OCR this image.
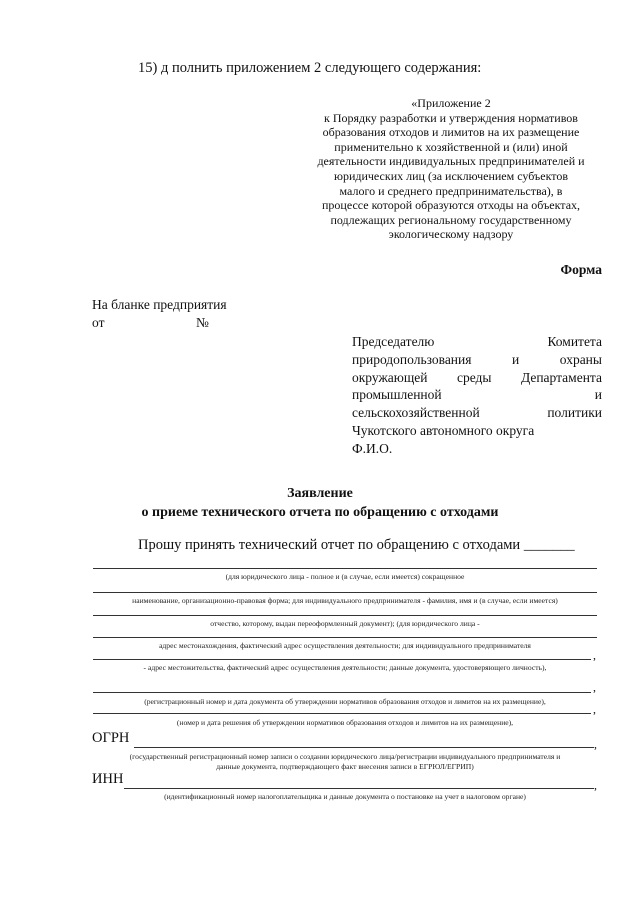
15) д полнить приложением 2 следующего содержания:
«Приложение 2
к Порядку разработки и утверждения нормативов
образования отходов и лимитов на их размещение
применительно к хозяйственной и (или) иной
деятельности индивидуальных предпринимателей и
юридических лиц (за исключением субъектов
малого и среднего предпринимательства), в
процессе которой образуются отходы на объектах,
подлежащих региональному государственному
экологическому надзору
Форма
На бланке предприятия
от	№
Председателю	Комитета
природопользования	и	охраны
окружающей среды Департамента
промышленной	и
сельскохозяйственной	политики
Чукотского автономного округа
Ф.И.О.
Заявление
о приеме технического отчета по обращению с отходами
Прошу принять технический отчет по обращению с отходами _______
(для юридического лица - полное и (в случае, если имеется) сокращенное
наименование, организационно-правовая форма; для индивидуального предпринимателя - фамилия, имя и (в случае, если имеется)
отчество, которому, выдан переоформленный документ); (для юридического лица -
адрес местонахождения, фактический адрес осуществления деятельности; для индивидуального предпринимателя
,
- адрес местожительства, фактический адрес осуществления деятельности; данные документа, удостоверяющего личность),
,
(регистрационный номер и дата документа об утверждении нормативов образования отходов и лимитов на их размещение),
,
(номер и дата решения об утверждении нормативов образования отходов и лимитов на их размещение),
ОГРН	,
(государственный регистрационный номер записи о создании юридического лица/регистрации индивидуального предпринимателя и
данные документа, подтверждающего факт внесения записи в ЕГРЮЛ/ЕГРИП)
ИНН	,
(идентификационный номер налогоплательщика и данные документа о постановке на учет в налоговом органе)
